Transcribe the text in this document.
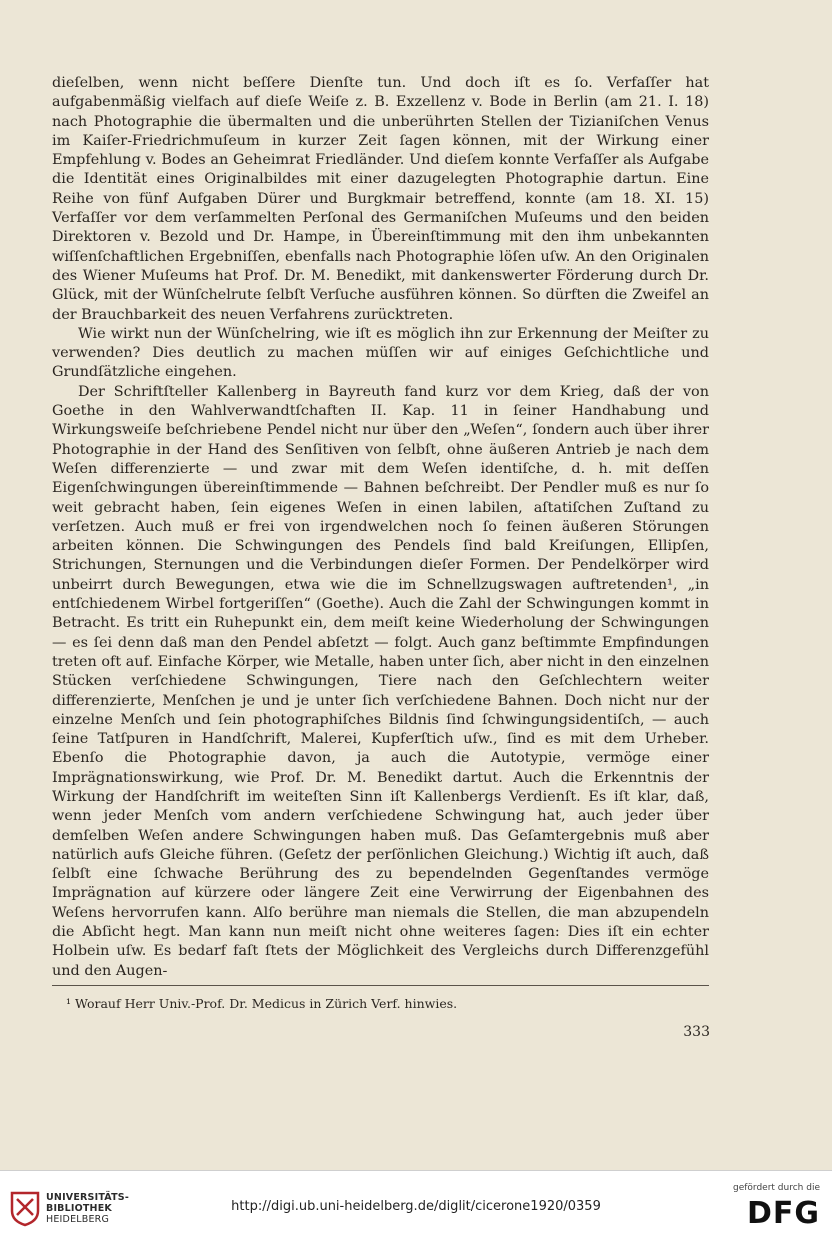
dieſelben, wenn nicht beſſere Dienſte tun. Und doch iſt es ſo. Verfaſſer hat aufgabenmäßig vielfach auf dieſe Weiſe z. B. Exzellenz v. Bode in Berlin (am 21. I. 18) nach Photographie die übermalten und die unberührten Stellen der Tizianiſchen Venus im Kaiſer-Friedrichmuſeum in kurzer Zeit ſagen können, mit der Wirkung einer Empfehlung v. Bodes an Geheimrat Friedländer. Und dieſem konnte Verfaſſer als Aufgabe die Identität eines Originalbildes mit einer dazugelegten Photographie dartun. Eine Reihe von fünf Aufgaben Dürer und Burgkmair betreffend, konnte (am 18. XI. 15) Verfaſſer vor dem verſammelten Perſonal des Germaniſchen Muſeums und den beiden Direktoren v. Bezold und Dr. Hampe, in Übereinſtimmung mit den ihm unbekannten wiſſenſchaftlichen Ergebniſſen, ebenfalls nach Photographie löſen uſw. An den Originalen des Wiener Muſeums hat Prof. Dr. M. Benedikt, mit dankenswerter Förderung durch Dr. Glück, mit der Wünſchelrute ſelbſt Verſuche ausführen können. So dürften die Zweifel an der Brauchbarkeit des neuen Verfahrens zurücktreten.

Wie wirkt nun der Wünſchelring, wie iſt es möglich ihn zur Erkennung der Meiſter zu verwenden? Dies deutlich zu machen müſſen wir auf einiges Geſchichtliche und Grundſätzliche eingehen.

Der Schriftſteller Kallenberg in Bayreuth fand kurz vor dem Krieg, daß der von Goethe in den Wahlverwandtſchaften II. Kap. 11 in ſeiner Handhabung und Wirkungsweiſe beſchriebene Pendel nicht nur über den „Weſen“, ſondern auch über ihrer Photographie in der Hand des Senſitiven von ſelbſt, ohne äußeren Antrieb je nach dem Weſen differenzierte — und zwar mit dem Weſen identiſche, d. h. mit deſſen Eigenſchwingungen übereinſtimmende — Bahnen beſchreibt. Der Pendler muß es nur ſo weit gebracht haben, ſein eigenes Weſen in einen labilen, aſtatiſchen Zuſtand zu verſetzen. Auch muß er frei von irgendwelchen noch ſo feinen äußeren Störungen arbeiten können. Die Schwingungen des Pendels ſind bald Kreiſungen, Ellipſen, Strichungen, Sternungen und die Verbindungen dieſer Formen. Der Pendelkörper wird unbeirrt durch Bewegungen, etwa wie die im Schnellzugswagen auftretenden¹, „in entſchiedenem Wirbel fortgeriſſen“ (Goethe). Auch die Zahl der Schwingungen kommt in Betracht. Es tritt ein Ruhepunkt ein, dem meiſt keine Wiederholung der Schwingungen — es ſei denn daß man den Pendel abſetzt — folgt. Auch ganz beſtimmte Empfindungen treten oft auf. Einfache Körper, wie Metalle, haben unter ſich, aber nicht in den einzelnen Stücken verſchiedene Schwingungen, Tiere nach den Geſchlechtern weiter differenzierte, Menſchen je und je unter ſich verſchiedene Bahnen. Doch nicht nur der einzelne Menſch und ſein photographiſches Bildnis ſind ſchwingungsidentiſch, — auch ſeine Tatſpuren in Handſchrift, Malerei, Kupferſtich uſw., ſind es mit dem Urheber. Ebenſo die Photographie davon, ja auch die Autotypie, vermöge einer Imprägnationswirkung, wie Prof. Dr. M. Benedikt dartut. Auch die Erkenntnis der Wirkung der Handſchrift im weiteſten Sinn iſt Kallenbergs Verdienſt. Es iſt klar, daß, wenn jeder Menſch vom andern verſchiedene Schwingung hat, auch jeder über demſelben Weſen andere Schwingungen haben muß. Das Geſamtergebnis muß aber natürlich aufs Gleiche führen. (Geſetz der perſönlichen Gleichung.) Wichtig iſt auch, daß ſelbſt eine ſchwache Berührung des zu bependelnden Gegenſtandes vermöge Imprägnation auf kürzere oder längere Zeit eine Verwirrung der Eigenbahnen des Weſens hervorrufen kann. Alſo berühre man niemals die Stellen, die man abzupendeln die Abſicht hegt. Man kann nun meiſt nicht ohne weiteres ſagen: Dies iſt ein echter Holbein uſw. Es bedarf faſt ſtets der Möglichkeit des Vergleichs durch Differenzgefühl und den Augen-

¹ Worauf Herr Univ.-Prof. Dr. Medicus in Zürich Verf. hinwies.
333
UNIVERSITÄTS-
BIBLIOTHEK
HEIDELBERG
http://digi.ub.uni-heidelberg.de/diglit/cicerone1920/0359
gefördert durch die
DFG
